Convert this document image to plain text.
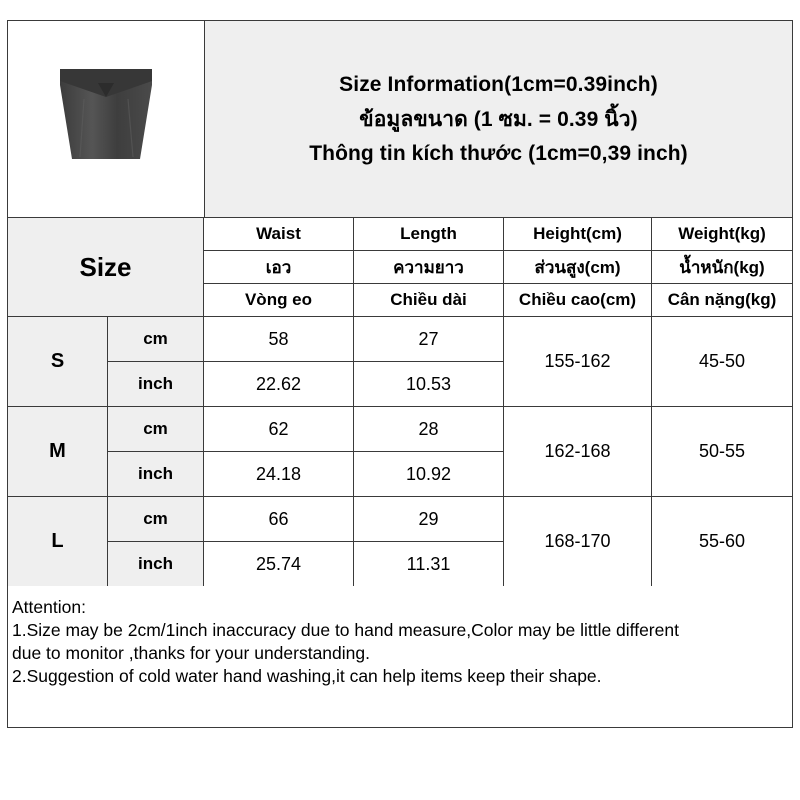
Size Information(1cm=0.39inch)
ข้อมูลขนาด (1 ซม. = 0.39 นิ้ว)
Thông tin kích thước (1cm=0,39 inch)
Size
Waist	Length	Height(cm)	Weight(kg)
เอว	ความยาว	ส่วนสูง(cm)	น้ำหนัก(kg)
Vòng eo	Chiều dài	Chiều cao(cm)	Cân nặng(kg)
S
cm	58	27
inch	22.62	10.53
155-162	45-50
M
cm	62	28
inch	24.18	10.92
162-168	50-55
L
cm	66	29
inch	25.74	11.31
168-170	55-60
Attention:
1.Size may be 2cm/1inch inaccuracy due to hand measure,Color may be little different
due to monitor ,thanks for your understanding.
2.Suggestion of cold water hand washing,it can help items keep their shape.
